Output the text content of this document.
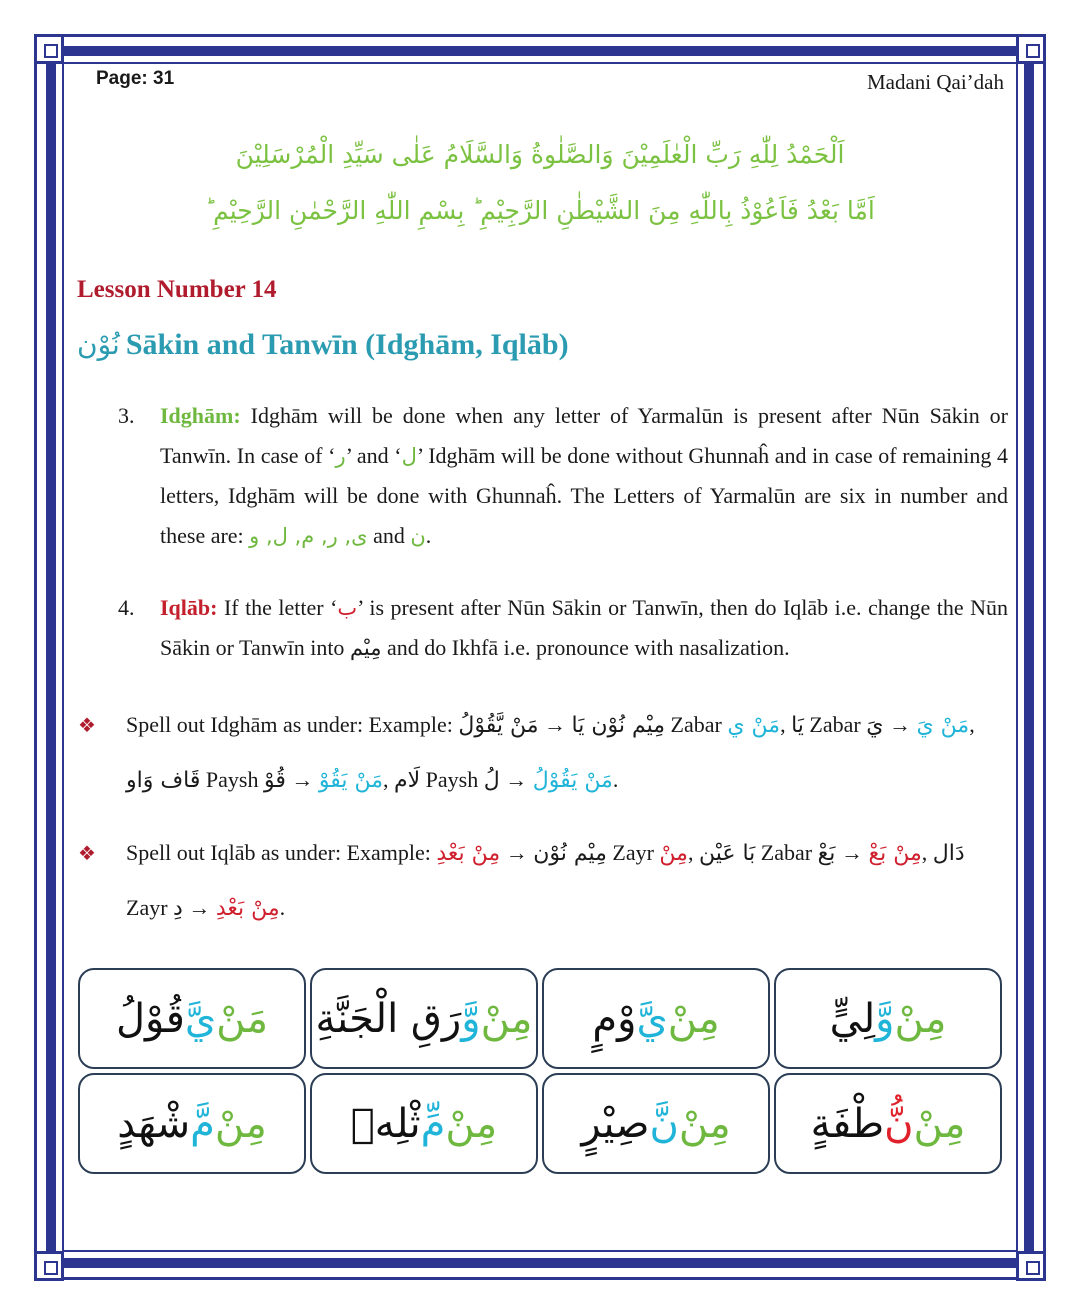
Page: 31	Madani Qai’dah
اَلْحَمْدُ لِلّٰهِ رَبِّ الْعٰلَمِيْنَ وَالصَّلٰوةُ وَالسَّلَامُ عَلٰى سَيِّدِ الْمُرْسَلِيْنَ
اَمَّا بَعْدُ فَاَعُوْذُ بِاللّٰهِ مِنَ الشَّيْطٰنِ الرَّجِيْمِ ؕ بِسْمِ اللّٰهِ الرَّحْمٰنِ الرَّحِيْمِ ؕ
Lesson Number 14
نُوْن Sākin and Tanwīn (Idghām, Iqlāb)
3. Idghām: Idghām will be done when any letter of Yarmalūn is present after Nūn Sākin or Tanwīn. In case of ‘ر’ and ‘ل’ Idghām will be done without Ghunnaĥ and in case of remaining 4 letters, Idghām will be done with Ghunnaĥ. The Letters of Yarmalūn are six in number and these are: ی, ر, م, ل, و and ن.
4. Iqlāb: If the letter ‘ب’ is present after Nūn Sākin or Tanwīn, then do Iqlāb i.e. change the Nūn Sākin or Tanwīn into مِيْم and do Ikhfā i.e. pronounce with nasalization.
❖ Spell out Idghām as under: Example: مَنْ يَّقُوْلُ → مِيْم نُوْن يَا Zabar مَنْ ي, يَا Zabar يَ → مَنْ يَ, قَاف وَاو Paysh قُوْ → مَنْ يَقُوْ, لَام Paysh لُ → مَنْ يَقُوْلُ.
❖ Spell out Iqlāb as under: Example: مِنْ بَعْدِ → مِيْم نُوْن Zayr مِنْ, بَا عَيْن Zabar بَعْ → مِنْ بَعْ, دَال Zayr دِ → مِنْ بَعْدِ.
مَنْ
يَّ
قُوْلُ	مِنْ
وَّ
رَقِ الْجَنَّةِ	مِنْ
يَّ
وْمٍ	مِنْ
وَّ
لِيٍّ
مِنْ
مَّ
شْهَدٍ	مِنْ
مِّ
ثْلِهٖ	مِنْ
نَّ
صِيْرٍ	مِنْ
نُّ
طْفَةٍ
